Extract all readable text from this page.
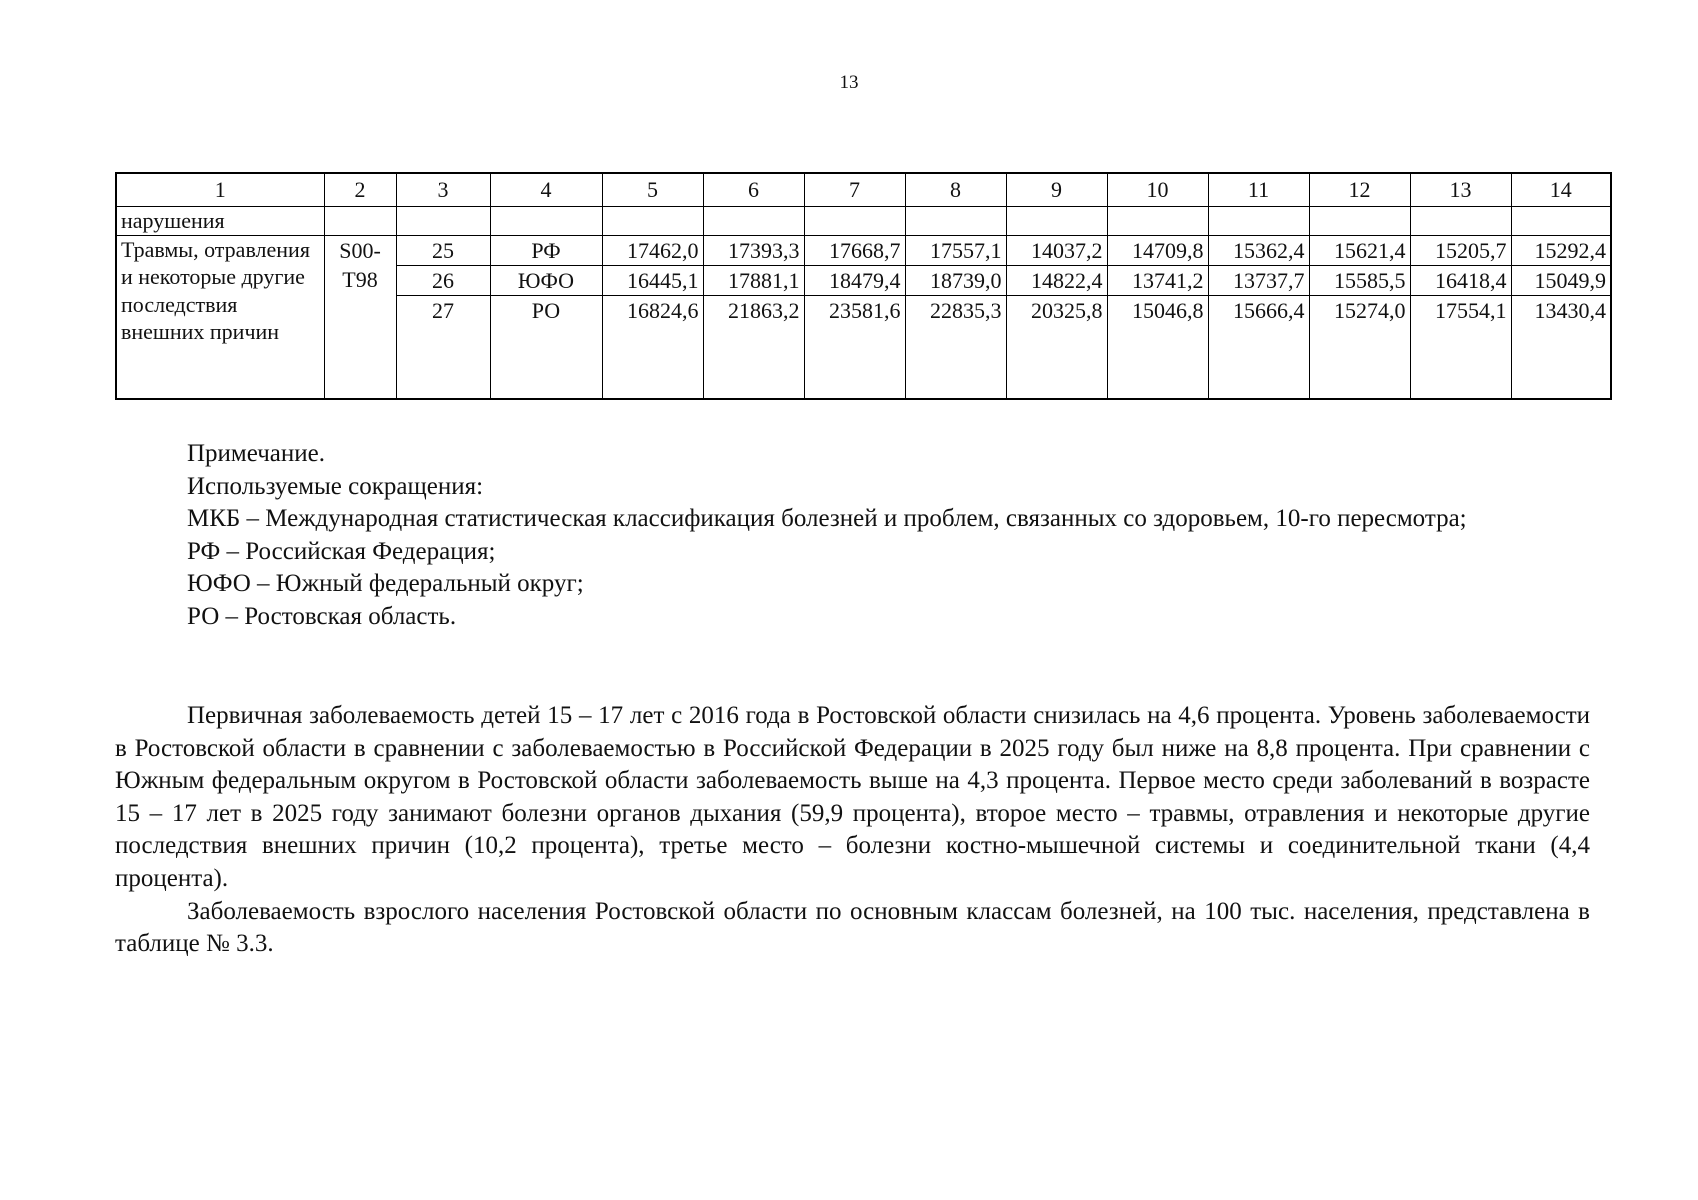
13
1	2	3	4	5	6	7	8	9	10	11	12	13	14
нарушения													
Травмы, отравления и некоторые другие последствия внешних причин	S00-T98	25	РФ	17462,0	17393,3	17668,7	17557,1	14037,2	14709,8	15362,4	15621,4	15205,7	15292,4
		26	ЮФО	16445,1	17881,1	18479,4	18739,0	14822,4	13741,2	13737,7	15585,5	16418,4	15049,9
		27	РО	16824,6	21863,2	23581,6	22835,3	20325,8	15046,8	15666,4	15274,0	17554,1	13430,4

Примечание.

Используемые сокращения:

МКБ – Международная статистическая классификация болезней и проблем, связанных со здоровьем, 10-го пересмотра;

РФ – Российская Федерация;

ЮФО – Южный федеральный округ;

РО – Ростовская область.

Первичная заболеваемость детей 15 – 17 лет с 2016 года в Ростовской области снизилась на 4,6 процента. Уровень заболеваемости в Ростовской области в сравнении с заболеваемостью в Российской Федерации в 2025 году был ниже на 8,8 процента. При сравнении с Южным федеральным округом в Ростовской области заболеваемость выше на 4,3 процента. Первое место среди заболеваний в возрасте 15 – 17 лет в 2025 году занимают болезни органов дыхания (59,9 процента), второе место – травмы, отравления и некоторые другие последствия внешних причин (10,2 процента), третье место – болезни костно-мышечной системы и соединительной ткани (4,4 процента).

Заболеваемость взрослого населения Ростовской области по основным классам болезней, на 100 тыс. населения, представлена в таблице № 3.3.
